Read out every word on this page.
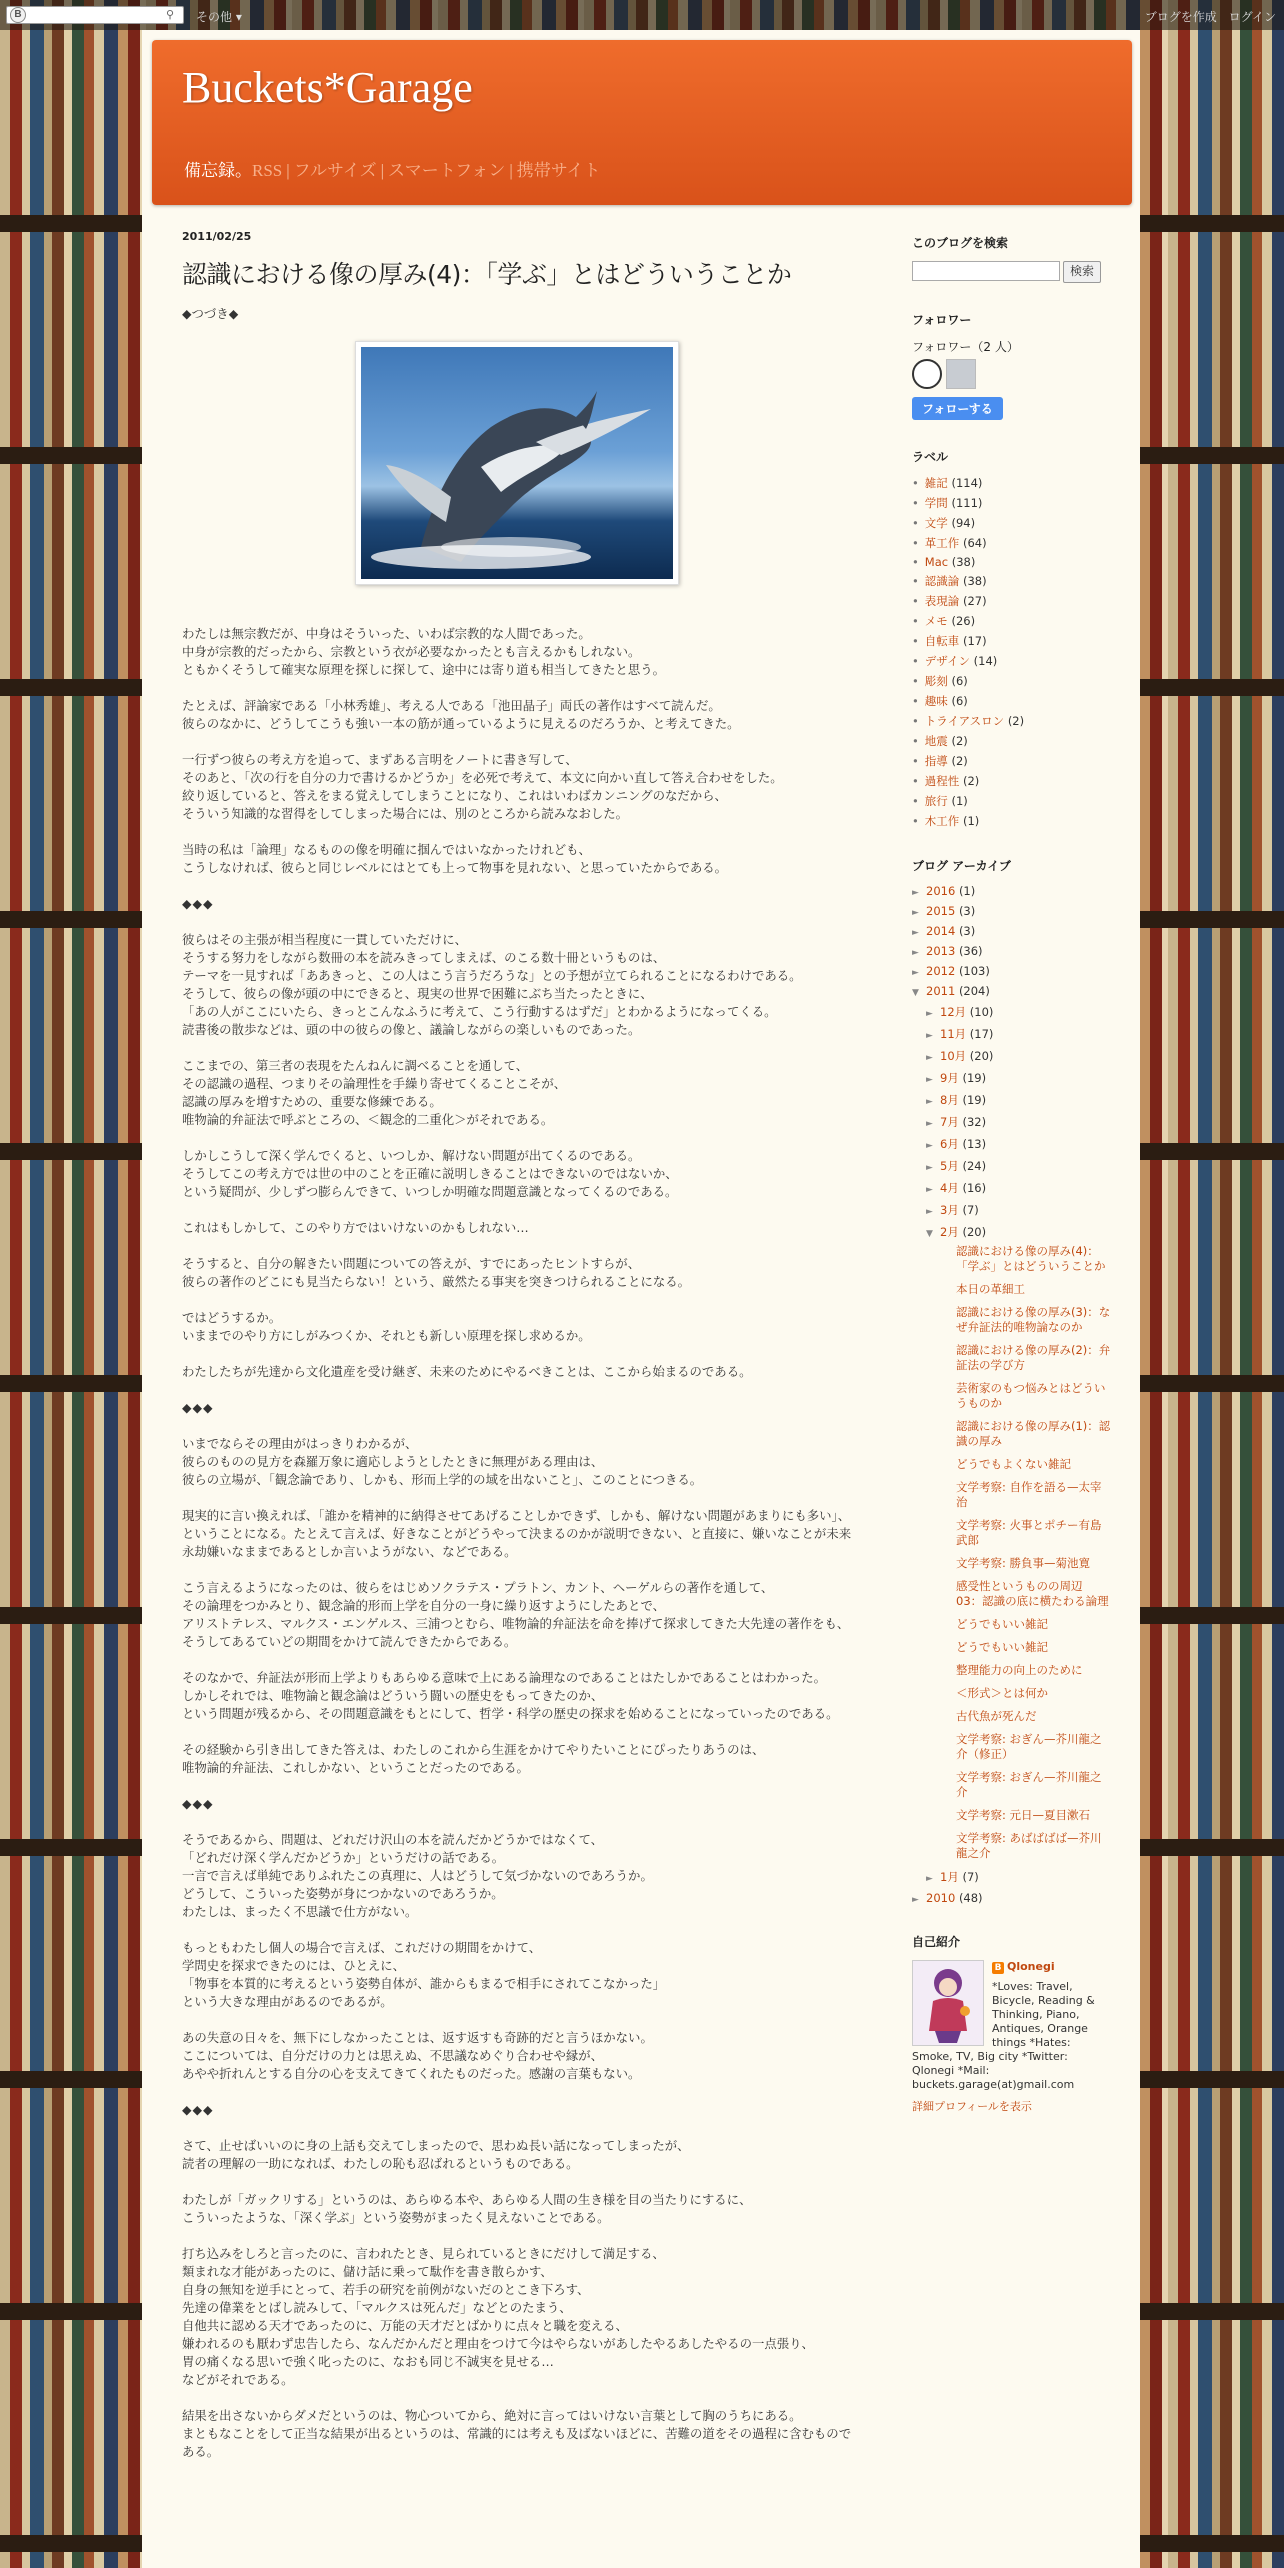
B	⚲ その他 ▾	ブログを作成 ログイン
Buckets*Garage
備忘録。RSS | フルサイズ | スマートフォン | 携帯サイト
2011/02/25
認識における像の厚み(4)：「学ぶ」とはどういうことか
◆つづき◆
わたしは無宗教だが、中身はそういった、いわば宗教的な人間であった。
中身が宗教的だったから、宗教という衣が必要なかったとも言えるかもしれない。
ともかくそうして確実な原理を探しに探して、途中には寄り道も相当してきたと思う。
たとえば、評論家である「小林秀雄」、考える人である「池田晶子」両氏の著作はすべて読んだ。
彼らのなかに、どうしてこうも強い一本の筋が通っているように見えるのだろうか、と考えてきた。
一行ずつ彼らの考え方を追って、まずある言明をノートに書き写して、
そのあと、「次の行を自分の力で書けるかどうか」を必死で考えて、本文に向かい直して答え合わせをした。
絞り返していると、答えをまる覚えしてしまうことになり、これはいわばカンニングのなだから、
そういう知識的な習得をしてしまった場合には、別のところから読みなおした。
当時の私は「論理」なるものの像を明確に掴んではいなかったけれども、
こうしなければ、彼らと同じレベルにはとても上って物事を見れない、と思っていたからである。
◆◆◆
彼らはその主張が相当程度に一貫していただけに、
そうする努力をしながら数冊の本を読みきってしまえば、のこる数十冊というものは、
テーマを一見すれば「ああきっと、この人はこう言うだろうな」との予想が立てられることになるわけである。
そうして、彼らの像が頭の中にできると、現実の世界で困難にぶち当たったときに、
「あの人がここにいたら、きっとこんなふうに考えて、こう行動するはずだ」とわかるようになってくる。
読書後の散歩などは、頭の中の彼らの像と、議論しながらの楽しいものであった。
ここまでの、第三者の表現をたんねんに調べることを通して、
その認識の過程、つまりその論理性を手繰り寄せてくることこそが、
認識の厚みを増すための、重要な修練である。
唯物論的弁証法で呼ぶところの、＜観念的二重化＞がそれである。
しかしこうして深く学んでくると、いつしか、解けない問題が出てくるのである。
そうしてこの考え方では世の中のことを正確に説明しきることはできないのではないか、
という疑問が、少しずつ膨らんできて、いつしか明確な問題意識となってくるのである。
これはもしかして、このやり方ではいけないのかもしれない…
そうすると、自分の解きたい問題についての答えが、すでにあったヒントすらが、
彼らの著作のどこにも見当たらない！という、厳然たる事実を突きつけられることになる。
ではどうするか。
いままでのやり方にしがみつくか、それとも新しい原理を探し求めるか。
わたしたちが先達から文化遺産を受け継ぎ、未来のためにやるべきことは、ここから始まるのである。
◆◆◆
いまでならその理由がはっきりわかるが、
彼らのものの見方を森羅万象に適応しようとしたときに無理がある理由は、
彼らの立場が、「観念論であり、しかも、形而上学的の域を出ないこと」、このことにつきる。
現実的に言い換えれば、「誰かを精神的に納得させてあげることしかできず、しかも、解けない問題があまりにも多い」、ということになる。たとえて言えば、好きなことがどうやって決まるのかが説明できない、と直接に、嫌いなことが未来永劫嫌いなままであるとしか言いようがない、などである。
こう言えるようになったのは、彼らをはじめソクラテス・プラトン、カント、ヘーゲルらの著作を通して、
その論理をつかみとり、観念論的形而上学を自分の一身に繰り返すようにしたあとで、
アリストテレス、マルクス・エンゲルス、三浦つとむら、唯物論的弁証法を命を捧げて探求してきた大先達の著作をも、
そうしてあるていどの期間をかけて読んできたからである。
そのなかで、弁証法が形而上学よりもあらゆる意味で上にある論理なのであることはたしかであることはわかった。
しかしそれでは、唯物論と観念論はどういう闘いの歴史をもってきたのか、
という問題が残るから、その問題意識をもとにして、哲学・科学の歴史の探求を始めることになっていったのである。
その経験から引き出してきた答えは、わたしのこれから生涯をかけてやりたいことにぴったりあうのは、
唯物論的弁証法、これしかない、ということだったのである。
◆◆◆
そうであるから、問題は、どれだけ沢山の本を読んだかどうかではなくて、
「どれだけ深く学んだかどうか」というだけの話である。
一言で言えば単純でありふれたこの真理に、人はどうして気づかないのであろうか。
どうして、こういった姿勢が身につかないのであろうか。
わたしは、まったく不思議で仕方がない。
もっともわたし個人の場合で言えば、これだけの期間をかけて、
学問史を探求できたのには、ひとえに、
「物事を本質的に考えるという姿勢自体が、誰からもまるで相手にされてこなかった」
という大きな理由があるのであるが。
あの失意の日々を、無下にしなかったことは、返す返すも奇跡的だと言うほかない。
ここについては、自分だけの力とは思えぬ、不思議なめぐり合わせや縁が、
あやや折れんとする自分の心を支えてきてくれたものだった。感謝の言葉もない。
◆◆◆
さて、止せばいいのに身の上話も交えてしまったので、思わぬ長い話になってしまったが、
読者の理解の一助になれば、わたしの恥も忍ばれるというものである。
わたしが「ガックリする」というのは、あらゆる本や、あらゆる人間の生き様を目の当たりにするに、
こういったような、「深く学ぶ」という姿勢がまったく見えないことである。
打ち込みをしろと言ったのに、言われたとき、見られているときにだけして満足する、
類まれな才能があったのに、儲け話に乗って駄作を書き散らかす、
自身の無知を逆手にとって、若手の研究を前例がないだのとこき下ろす、
先達の偉業をとばし読みして、「マルクスは死んだ」などとのたまう、
自他共に認める天才であったのに、万能の天才だとばかりに点々と職を変える、
嫌われるのも厭わず忠告したら、なんだかんだと理由をつけて今はやらないがあしたやるあしたやるの一点張り、
胃の痛くなる思いで強く叱ったのに、なおも同じ不誠実を見せる…
などがそれである。
結果を出さないからダメだというのは、物心ついてから、絶対に言ってはいけない言葉として胸のうちにある。
まともなことをして正当な結果が出るというのは、常識的には考えも及ばないほどに、苦難の道をその過程に含むものである。
このブログを検索
検索
フォロワー
フォロワー（2 人）
フォローする
ラベル
• 雑記 (114)
• 学問 (111)
• 文学 (94)
• 革工作 (64)
• Mac (38)
• 認識論 (38)
• 表現論 (27)
• メモ (26)
• 自転車 (17)
• デザイン (14)
• 彫刻 (6)
• 趣味 (6)
• トライアスロン (2)
• 地震 (2)
• 指導 (2)
• 過程性 (2)
• 旅行 (1)
• 木工作 (1)
ブログ アーカイブ
► 2016 (1)
► 2015 (3)
► 2014 (3)
► 2013 (36)
► 2012 (103)
▼ 2011 (204)
► 12月 (10)
► 11月 (17)
► 10月 (20)
► 9月 (19)
► 8月 (19)
► 7月 (32)
► 6月 (13)
► 5月 (24)
► 4月 (16)
► 3月 (7)
▼ 2月 (20)
認識における像の厚み(4)：「学ぶ」とはどういうことか
本日の革細工
認識における像の厚み(3)：なぜ弁証法的唯物論なのか
認識における像の厚み(2)：弁証法の学び方
芸術家のもつ悩みとはどういうものか
認識における像の厚み(1)：認識の厚み
どうでもよくない雑記
文学考察: 自作を語る—太宰治
文学考察: 火事とポチー有島武郎
文学考察: 勝負事—菊池寛
感受性というものの周辺 03：認識の底に横たわる論理
どうでもいい雑記
どうでもいい雑記
整理能力の向上のために
＜形式＞とは何か
古代魚が死んだ
文学考察: おぎん—芥川龍之介（修正）
文学考察: おぎん—芥川龍之介
文学考察: 元日—夏目漱石
文学考察: あばばばば—芥川龍之介
► 1月 (7)
► 2010 (48)
自己紹介
B Qlonegi
*Loves: Travel, Bicycle, Reading & Thinking, Piano, Antiques, Orange things *Hates: Smoke, TV, Big city *Twitter: Qlonegi *Mail: buckets.garage(at)gmail.com
詳細プロフィールを表示
